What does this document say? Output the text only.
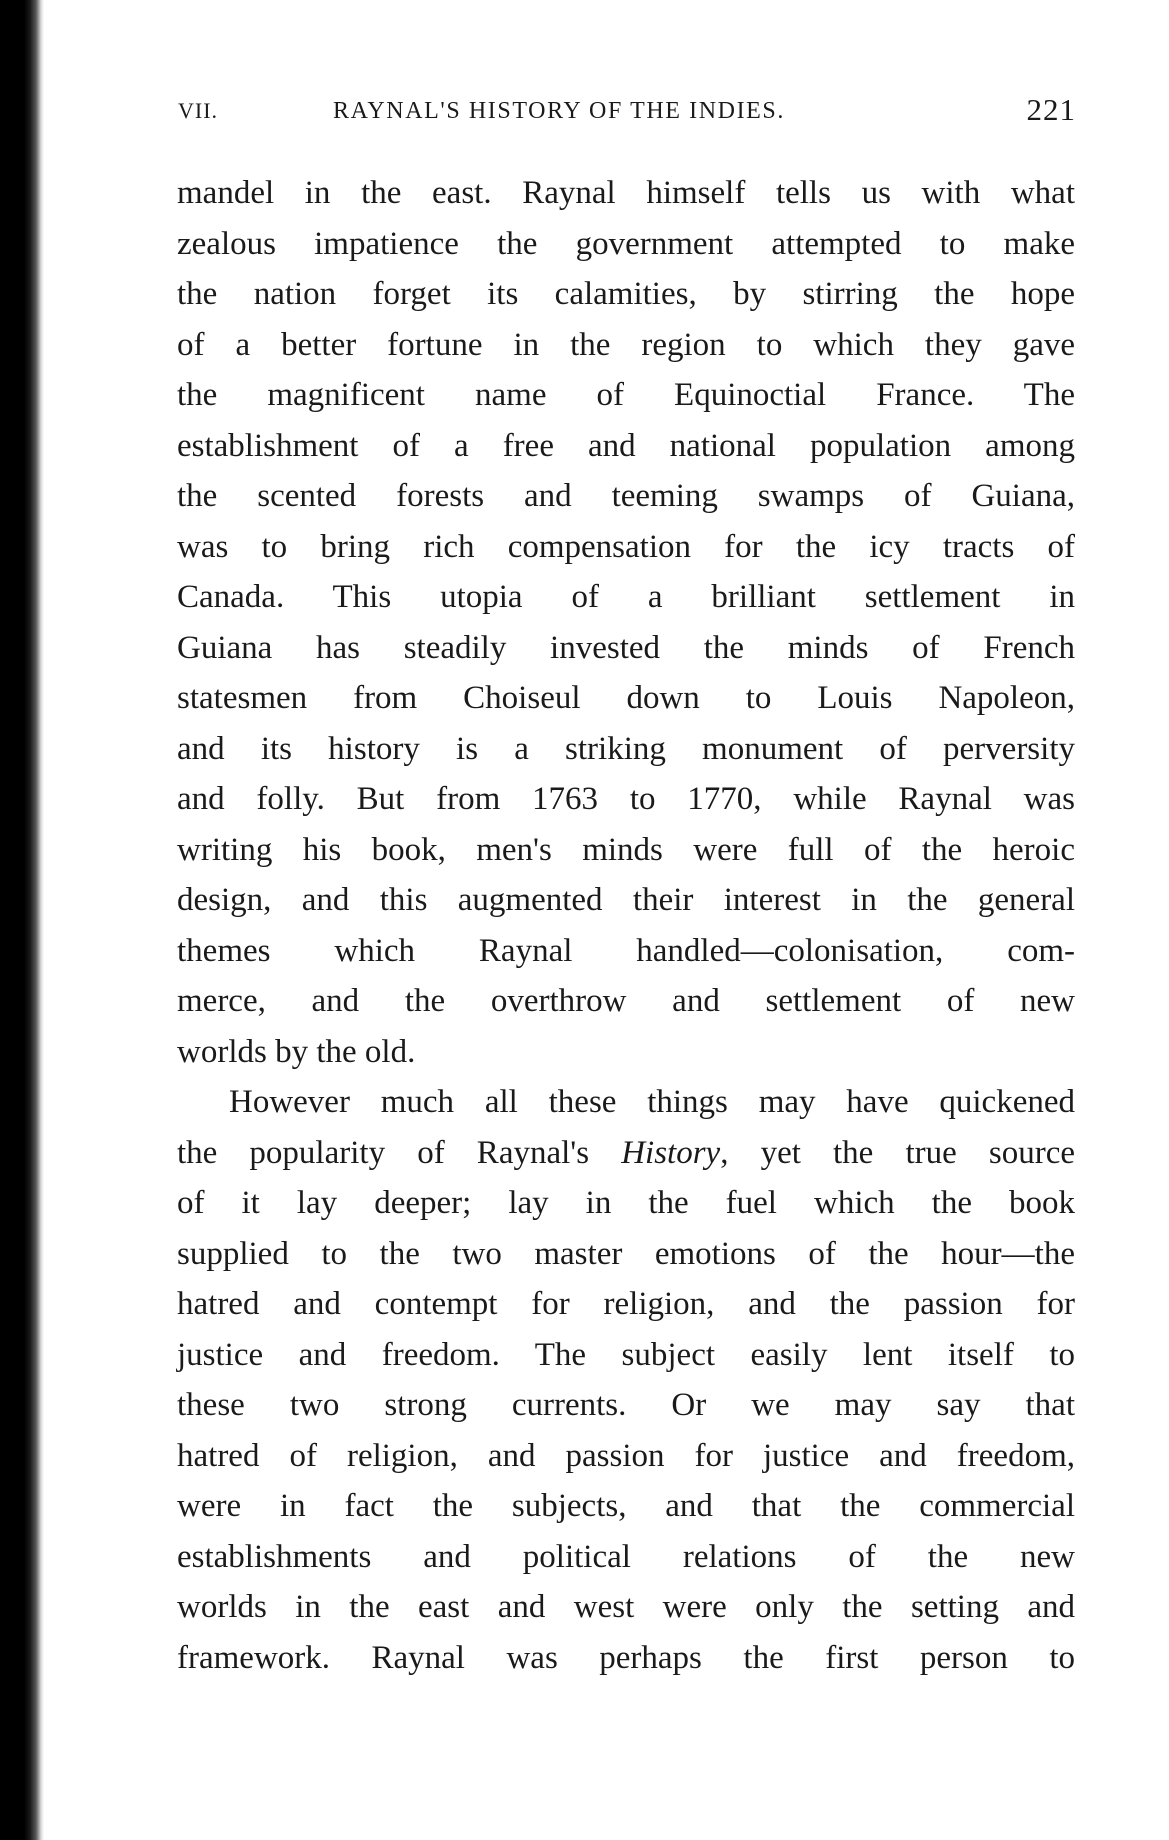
VII.	RAYNAL'S HISTORY OF THE INDIES.	221
mandel in the east. Raynal himself tells us with what
zealous impatience the government attempted to make
the nation forget its calamities, by stirring the hope
of a better fortune in the region to which they gave
the magnificent name of Equinoctial France. The
establishment of a free and national population among
the scented forests and teeming swamps of Guiana,
was to bring rich compensation for the icy tracts of
Canada. This utopia of a brilliant settlement in
Guiana has steadily invested the minds of French
statesmen from Choiseul down to Louis Napoleon,
and its history is a striking monument of perversity
and folly. But from 1763 to 1770, while Raynal was
writing his book, men's minds were full of the heroic
design, and this augmented their interest in the general
themes which Raynal handled—colonisation, com-
merce, and the overthrow and settlement of new
worlds by the old.
However much all these things may have quickened
the popularity of Raynal's History, yet the true source
of it lay deeper; lay in the fuel which the book
supplied to the two master emotions of the hour—the
hatred and contempt for religion, and the passion for
justice and freedom. The subject easily lent itself to
these two strong currents. Or we may say that
hatred of religion, and passion for justice and freedom,
were in fact the subjects, and that the commercial
establishments and political relations of the new
worlds in the east and west were only the setting and
framework. Raynal was perhaps the first person to
